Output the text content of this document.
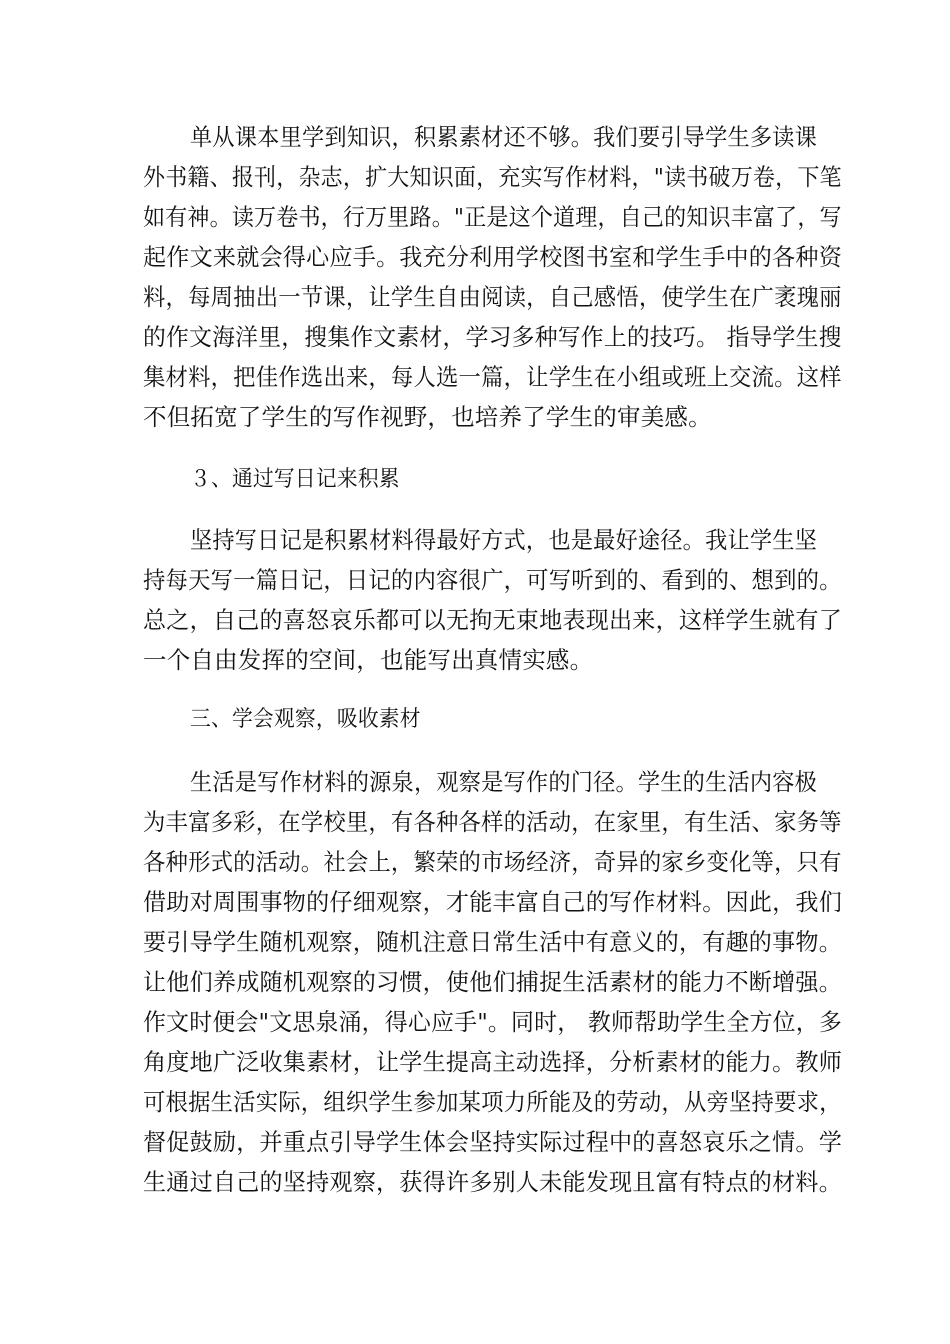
单从课本里学到知识，积累素材还不够。我们要引导学生多读课
外书籍、报刊，杂志，扩大知识面，充实写作材料，"读书破万卷，下笔
如有神。读万卷书，行万里路。"正是这个道理，自己的知识丰富了，写
起作文来就会得心应手。我充分利用学校图书室和学生手中的各种资
料，每周抽出一节课，让学生自由阅读，自己感悟，使学生在广袤瑰丽
的作文海洋里，搜集作文素材，学习多种写作上的技巧。 指导学生搜
集材料，把佳作选出来，每人选一篇，让学生在小组或班上交流。这样
不但拓宽了学生的写作视野，也培养了学生的审美感。
３、通过写日记来积累
坚持写日记是积累材料得最好方式，也是最好途径。我让学生坚
持每天写一篇日记，日记的内容很广，可写听到的、看到的、想到的。
总之，自己的喜怒哀乐都可以无拘无束地表现出来，这样学生就有了
一个自由发挥的空间，也能写出真情实感。
三、学会观察，吸收素材
生活是写作材料的源泉，观察是写作的门径。学生的生活内容极
为丰富多彩，在学校里，有各种各样的活动，在家里，有生活、家务等
各种形式的活动。社会上，繁荣的市场经济，奇异的家乡变化等，只有
借助对周围事物的仔细观察，才能丰富自己的写作材料。因此，我们
要引导学生随机观察，随机注意日常生活中有意义的，有趣的事物。
让他们养成随机观察的习惯，使他们捕捉生活素材的能力不断增强。
作文时便会"文思泉涌，得心应手"。同时， 教师帮助学生全方位，多
角度地广泛收集素材，让学生提高主动选择，分析素材的能力。教师
可根据生活实际，组织学生参加某项力所能及的劳动，从旁坚持要求，
督促鼓励，并重点引导学生体会坚持实际过程中的喜怒哀乐之情。学
生通过自己的坚持观察，获得许多别人未能发现且富有特点的材料。
